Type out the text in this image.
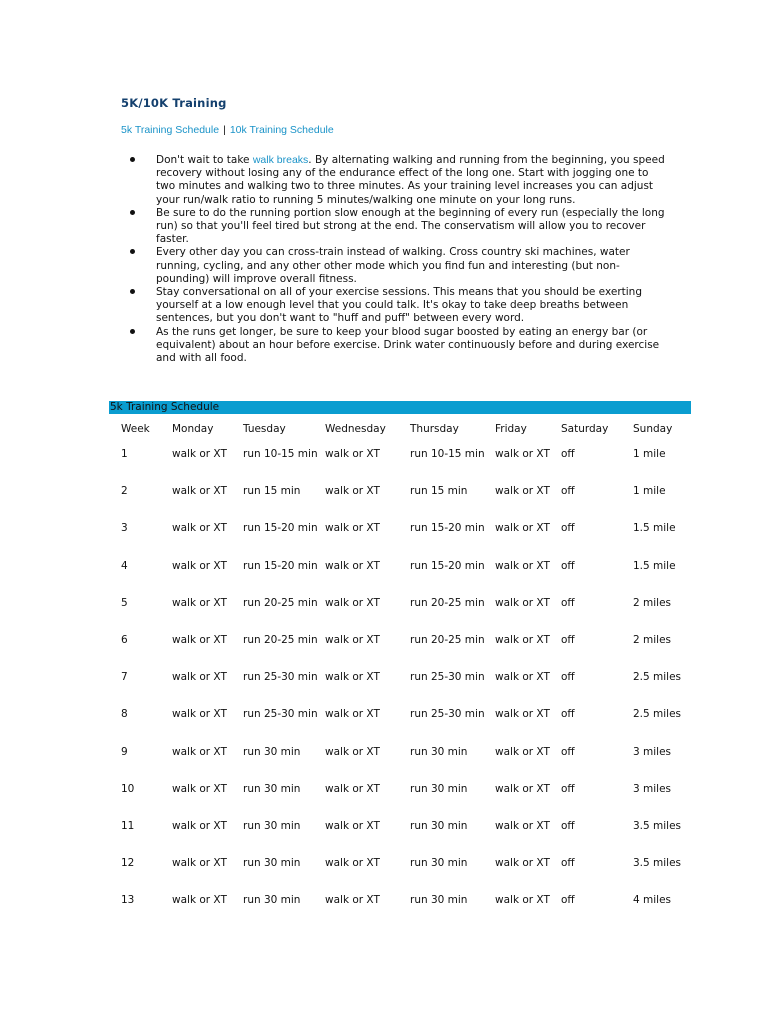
5K/10K Training
5k Training Schedule | 10k Training Schedule
Don't wait to take walk breaks. By alternating walking and running from the beginning, you speed recovery without losing any of the endurance effect of the long one. Start with jogging one to two minutes and walking two to three minutes. As your training level increases you can adjust your run/walk ratio to running 5 minutes/walking one minute on your long runs.
Be sure to do the running portion slow enough at the beginning of every run (especially the long run) so that you'll feel tired but strong at the end. The conservatism will allow you to recover faster.
Every other day you can cross-train instead of walking. Cross country ski machines, water running, cycling, and any other other mode which you find fun and interesting (but non-pounding) will improve overall fitness.
Stay conversational on all of your exercise sessions. This means that you should be exerting yourself at a low enough level that you could talk. It's okay to take deep breaths between sentences, but you don't want to "huff and puff" between every word.
As the runs get longer, be sure to keep your blood sugar boosted by eating an energy bar (or equivalent) about an hour before exercise. Drink water continuously before and during exercise and with all food.
5k Training Schedule
Week	Monday	Tuesday	Wednesday	Thursday	Friday	Saturday	Sunday
1	walk or XT	run 10-15 min	walk or XT	run 10-15 min	walk or XT	off	1 mile
2	walk or XT	run 15 min	walk or XT	run 15 min	walk or XT	off	1 mile
3	walk or XT	run 15-20 min	walk or XT	run 15-20 min	walk or XT	off	1.5 mile
4	walk or XT	run 15-20 min	walk or XT	run 15-20 min	walk or XT	off	1.5 mile
5	walk or XT	run 20-25 min	walk or XT	run 20-25 min	walk or XT	off	2 miles
6	walk or XT	run 20-25 min	walk or XT	run 20-25 min	walk or XT	off	2 miles
7	walk or XT	run 25-30 min	walk or XT	run 25-30 min	walk or XT	off	2.5 miles
8	walk or XT	run 25-30 min	walk or XT	run 25-30 min	walk or XT	off	2.5 miles
9	walk or XT	run 30 min	walk or XT	run 30 min	walk or XT	off	3 miles
10	walk or XT	run 30 min	walk or XT	run 30 min	walk or XT	off	3 miles
11	walk or XT	run 30 min	walk or XT	run 30 min	walk or XT	off	3.5 miles
12	walk or XT	run 30 min	walk or XT	run 30 min	walk or XT	off	3.5 miles
13	walk or XT	run 30 min	walk or XT	run 30 min	walk or XT	off	4 miles
